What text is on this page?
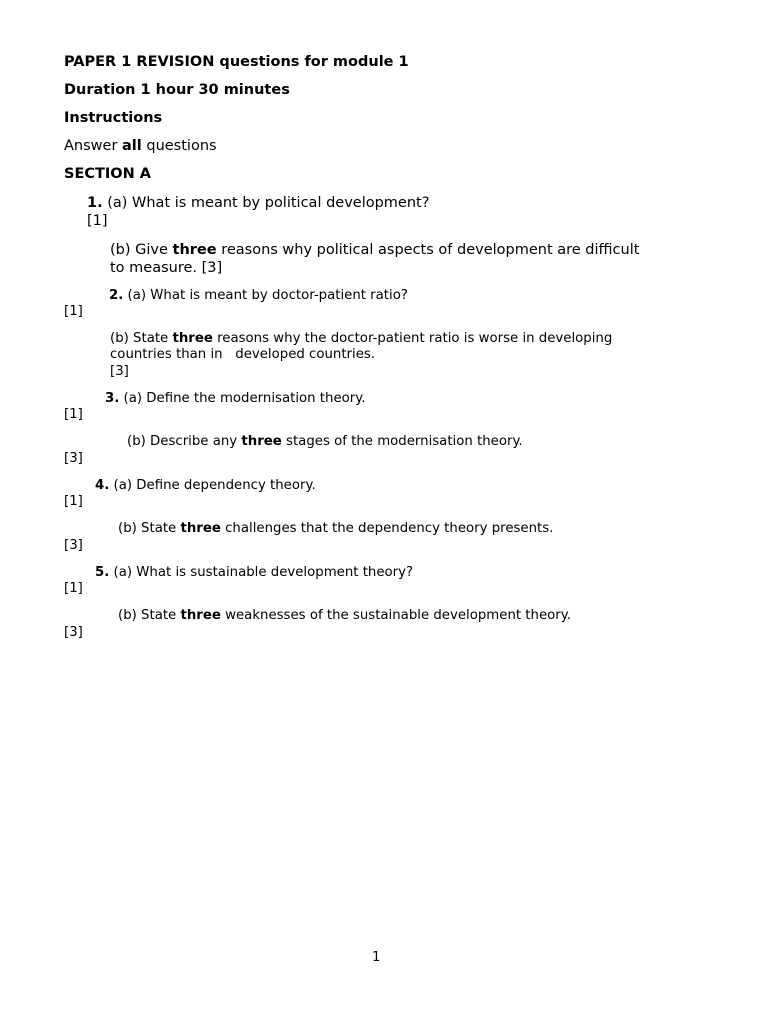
PAPER 1 REVISION questions for module 1
Duration 1 hour 30 minutes
Instructions
Answer all questions
SECTION A
1. (a) What is meant by political development?
[1]
(b) Give three reasons why political aspects of development are difficult
to measure. [3]
2. (a) What is meant by doctor-patient ratio?
[1]
(b) State three reasons why the doctor-patient ratio is worse in developing
countries than in   developed countries.
[3]
3. (a) Define the modernisation theory.
[1]
(b) Describe any three stages of the modernisation theory.
[3]
4. (a) Define dependency theory.
[1]
(b) State three challenges that the dependency theory presents.
[3]
5. (a) What is sustainable development theory?
[1]
(b) State three weaknesses of the sustainable development theory.
[3]
1
